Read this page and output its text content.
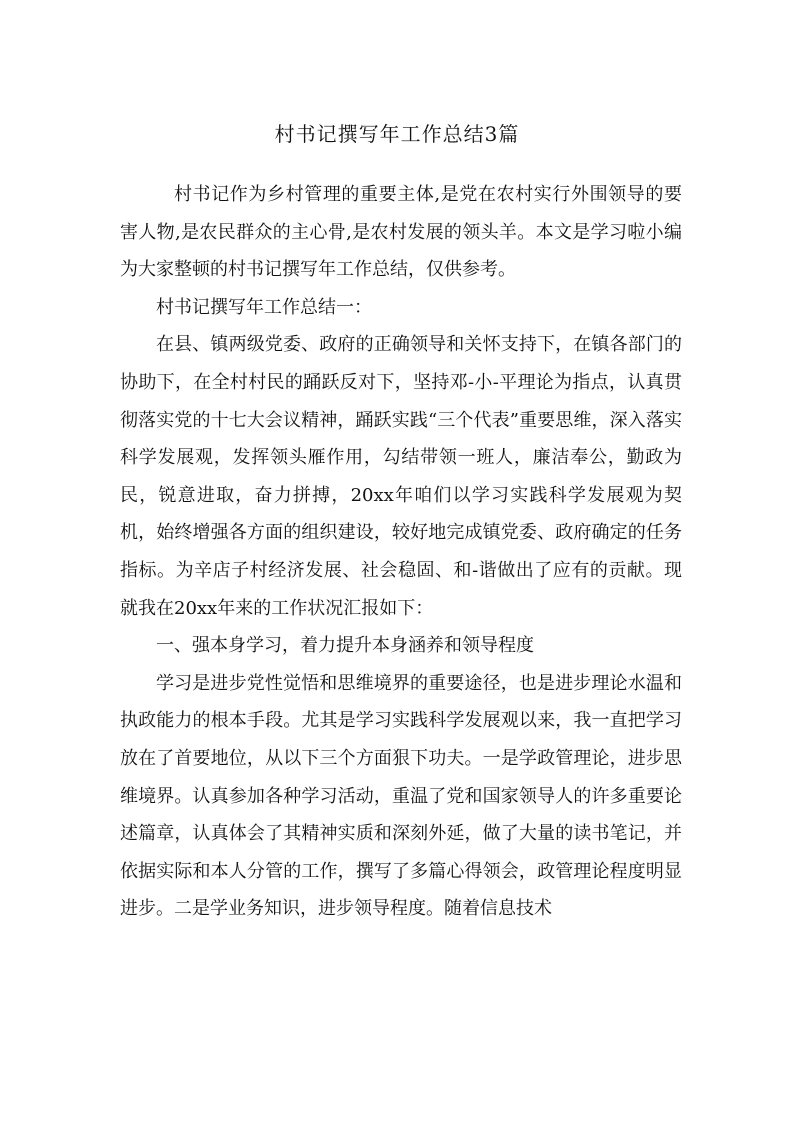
村书记撰写年工作总结3篇

村书记作为乡村管理的重要主体,是党在农村实行外围领导的要害人物,是农民群众的主心骨,是农村发展的领头羊。本文是学习啦小编为大家整顿的村书记撰写年工作总结，仅供参考。

村书记撰写年工作总结一：

在县、镇两级党委、政府的正确领导和关怀支持下，在镇各部门的协助下，在全村村民的踊跃反对下，坚持邓-小-平理论为指点，认真贯彻落实党的十七大会议精神，踊跃实践“三个代表”重要思维，深入落实科学发展观，发挥领头雁作用，勾结带领一班人，廉洁奉公，勤政为民，锐意进取，奋力拼搏，20xx年咱们以学习实践科学发展观为契机，始终增强各方面的组织建设，较好地完成镇党委、政府确定的任务指标。为辛店子村经济发展、社会稳固、和-谐做出了应有的贡献。现就我在20xx年来的工作状况汇报如下：

一、强本身学习，着力提升本身涵养和领导程度

学习是进步党性觉悟和思维境界的重要途径，也是进步理论水温和执政能力的根本手段。尤其是学习实践科学发展观以来，我一直把学习放在了首要地位，从以下三个方面狠下功夫。一是学政管理论，进步思维境界。认真参加各种学习活动，重温了党和国家领导人的许多重要论述篇章，认真体会了其精神实质和深刻外延，做了大量的读书笔记，并依据实际和本人分管的工作，撰写了多篇心得领会，政管理论程度明显进步。二是学业务知识，进步领导程度。随着信息技术
